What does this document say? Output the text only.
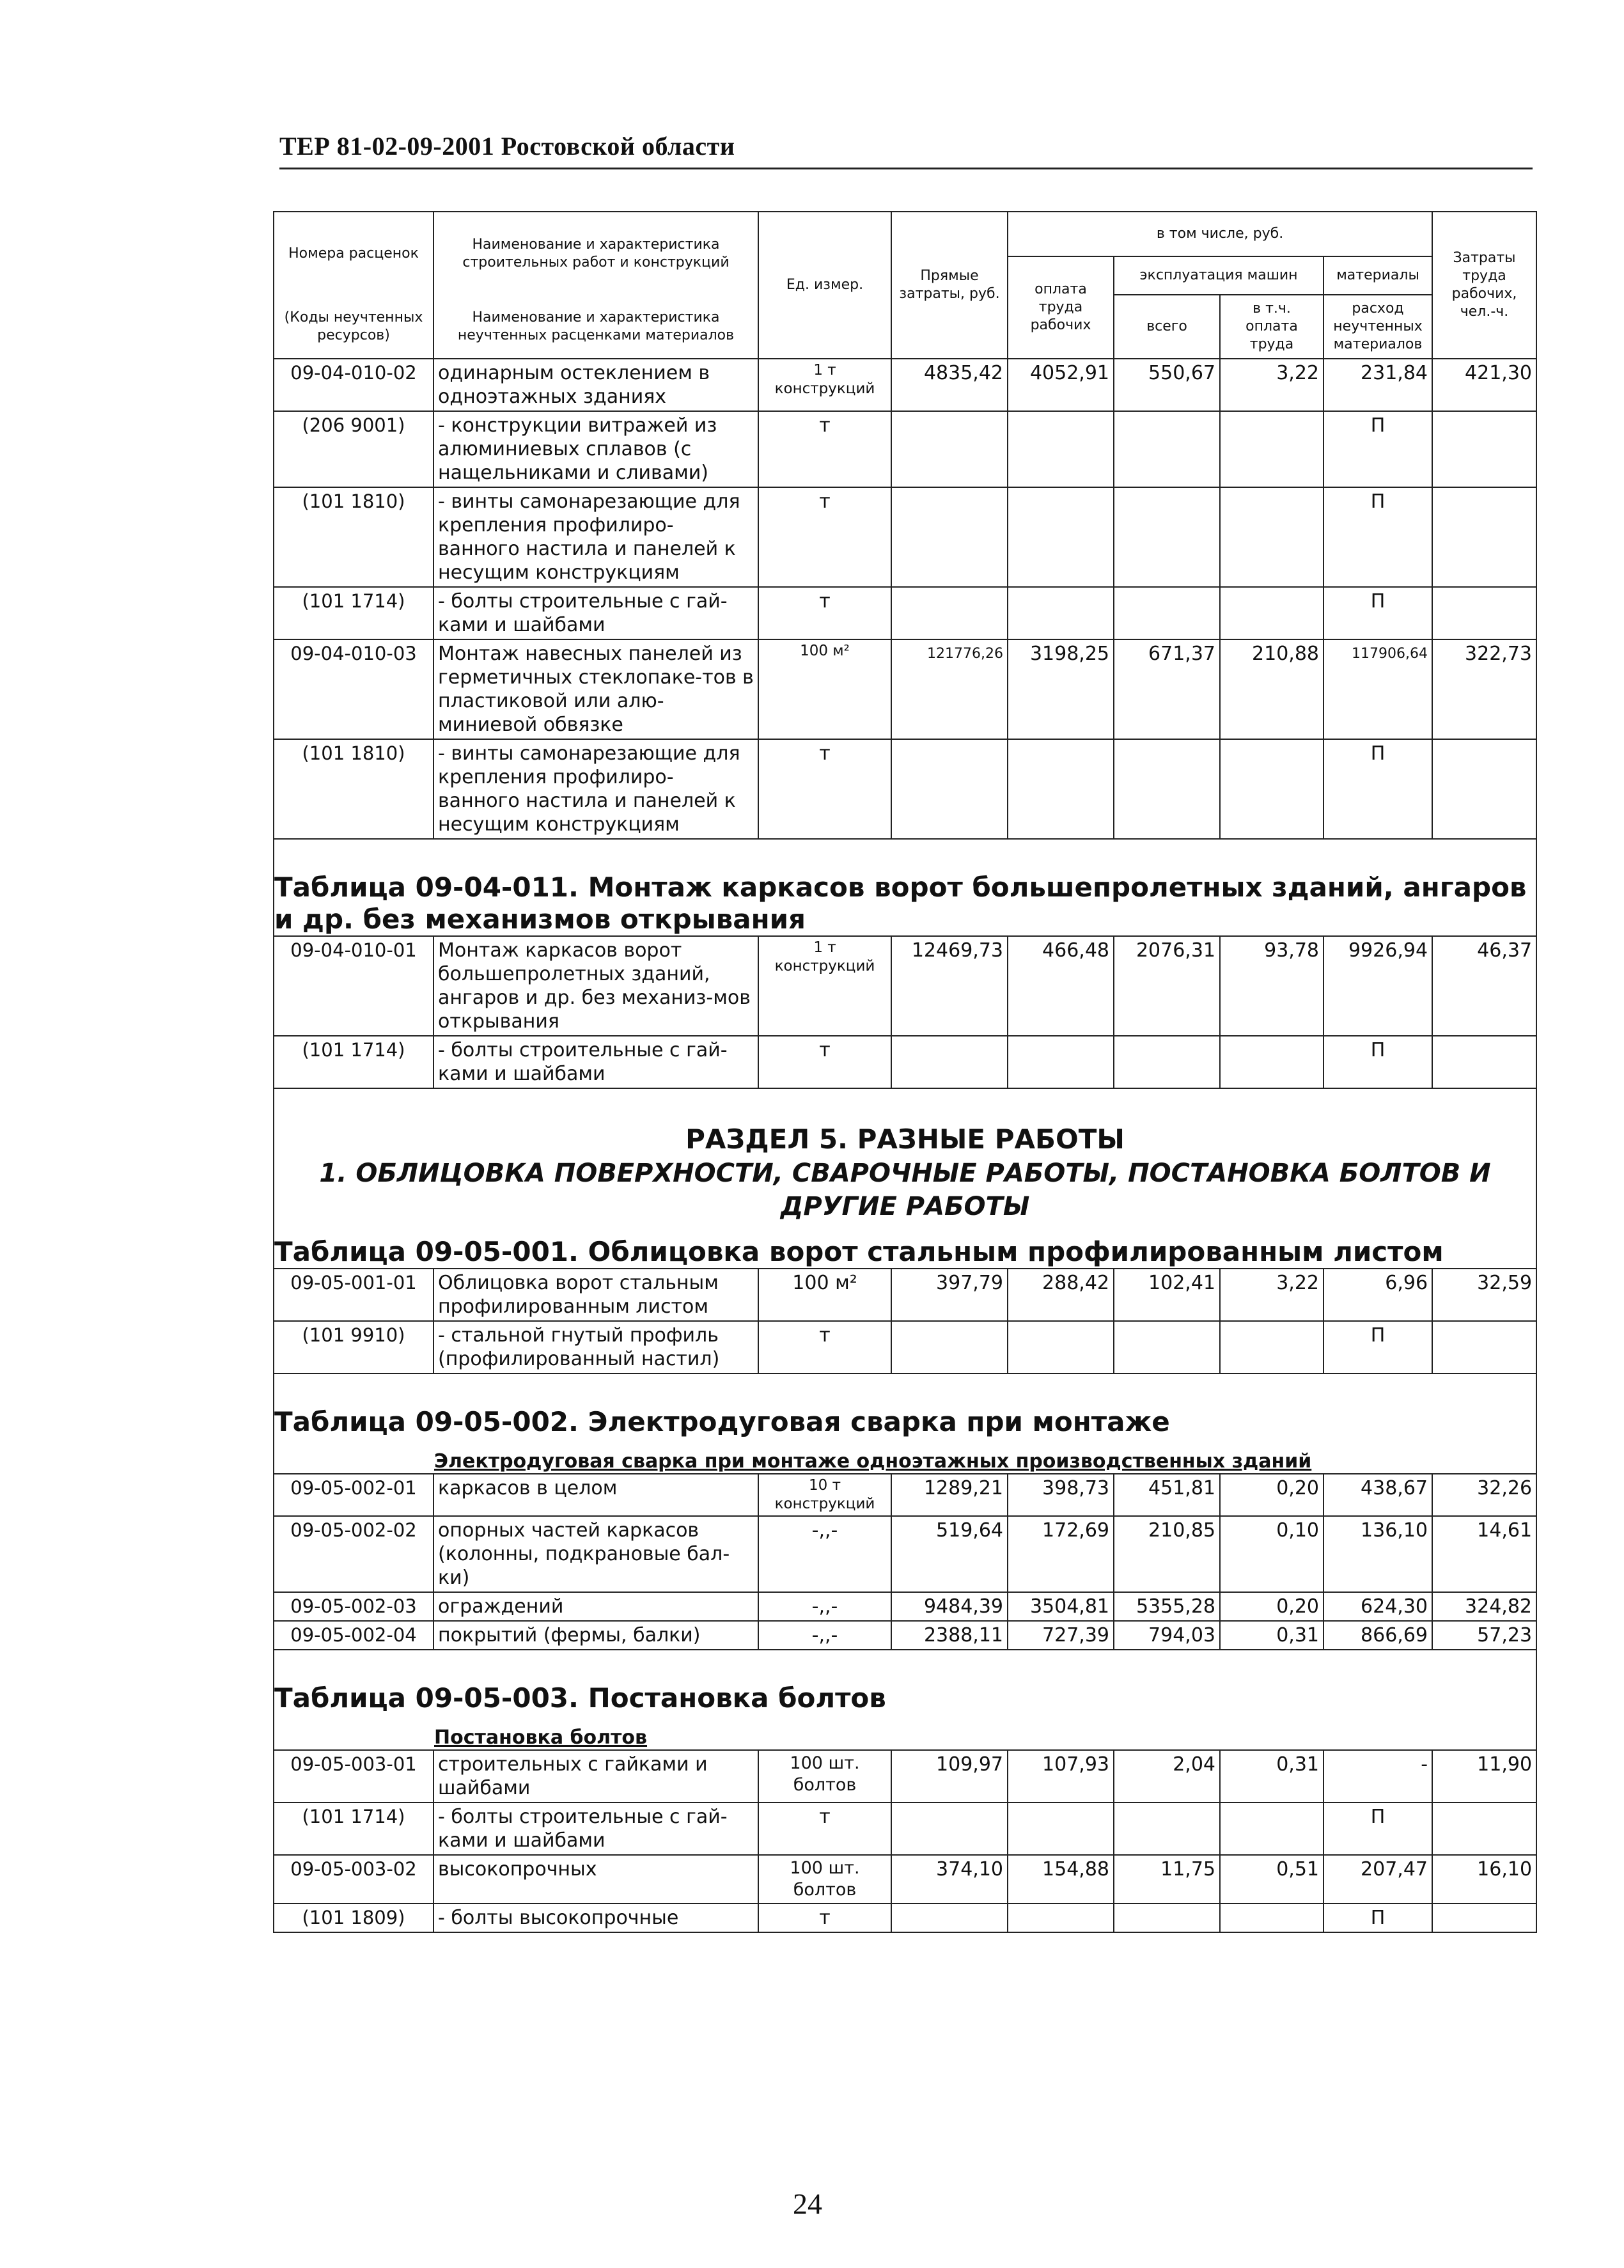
ТЕР 81-02-09-2001 Ростовской области
Номера расценок	Наименование и характеристика строительных работ и конструкций	Ед. измер.	Прямые затраты, руб.	в том числе, руб.				Затраты труда рабочих, чел.-ч.
				оплата труда рабочих	эксплуатация машин		материалы	
(Коды неучтенных ресурсов)	Наименование и характеристика неучтенных расценками материалов				всего	в т.ч. оплата труда	расход неучтенных материалов	

09-04-010-02	одинарным остеклением в одноэтажных зданиях	1 т конструкций	4835,42	4052,91	550,67	3,22	231,84	421,30
(206 9001)	- конструкции витражей из алюминиевых сплавов (с нащельниками и сливами)	т					П	
(101 1810)	- винты самонарезающие для крепления профилиро-ванного настила и панелей к несущим конструкциям	т					П	
(101 1714)	- болты строительные с гай-ками и шайбами	т					П	
09-04-010-03	Монтаж навесных панелей из герметичных стеклопаке-тов в пластиковой или алю-миниевой обвязке	100 м²	121776,26	3198,25	671,37	210,88	117906,64	322,73
(101 1810)	- винты самонарезающие для крепления профилиро-ванного настила и панелей к несущим конструкциям	т					П	

Таблица 09-04-011. Монтаж каркасов ворот большепролетных зданий, ангаров и др. без механизмов открывания								

09-04-010-01	Монтаж каркасов ворот большепролетных зданий, ангаров и др. без механиз-мов открывания	1 т конструкций	12469,73	466,48	2076,31	93,78	9926,94	46,37
(101 1714)	- болты строительные с гай-ками и шайбами	т					П	

РАЗДЕЛ 5. РАЗНЫЕ РАБОТЫ
1. ОБЛИЦОВКА ПОВЕРХНОСТИ, СВАРОЧНЫЕ РАБОТЫ, ПОСТАНОВКА БОЛТОВ И ДРУГИЕ РАБОТЫ								

Таблица 09-05-001. Облицовка ворот стальным профилированным листом								

09-05-001-01	Облицовка ворот стальным профилированным листом	100 м²	397,79	288,42	102,41	3,22	6,96	32,59
(101 9910)	- стальной гнутый профиль (профилированный настил)	т					П	

Таблица 09-05-002. Электродуговая сварка при монтаже
Электродуговая сварка при монтаже одноэтажных производственных зданий								

09-05-002-01	каркасов в целом	10 т конструкций	1289,21	398,73	451,81	0,20	438,67	32,26
09-05-002-02	опорных частей каркасов (колонны, подкрановые бал-ки)	-,,-	519,64	172,69	210,85	0,10	136,10	14,61
09-05-002-03	ограждений	-,,-	9484,39	3504,81	5355,28	0,20	624,30	324,82
09-05-002-04	покрытий (фермы, балки)	-,,-	2388,11	727,39	794,03	0,31	866,69	57,23

Таблица 09-05-003. Постановка болтов
Постановка болтов								

09-05-003-01	строительных с гайками и шайбами	100 шт. болтов	109,97	107,93	2,04	0,31	-	11,90
(101 1714)	- болты строительные с гай-ками и шайбами	т					П	
09-05-003-02	высокопрочных	100 шт. болтов	374,10	154,88	11,75	0,51	207,47	16,10
(101 1809)	- болты высокопрочные	т					П	
24
